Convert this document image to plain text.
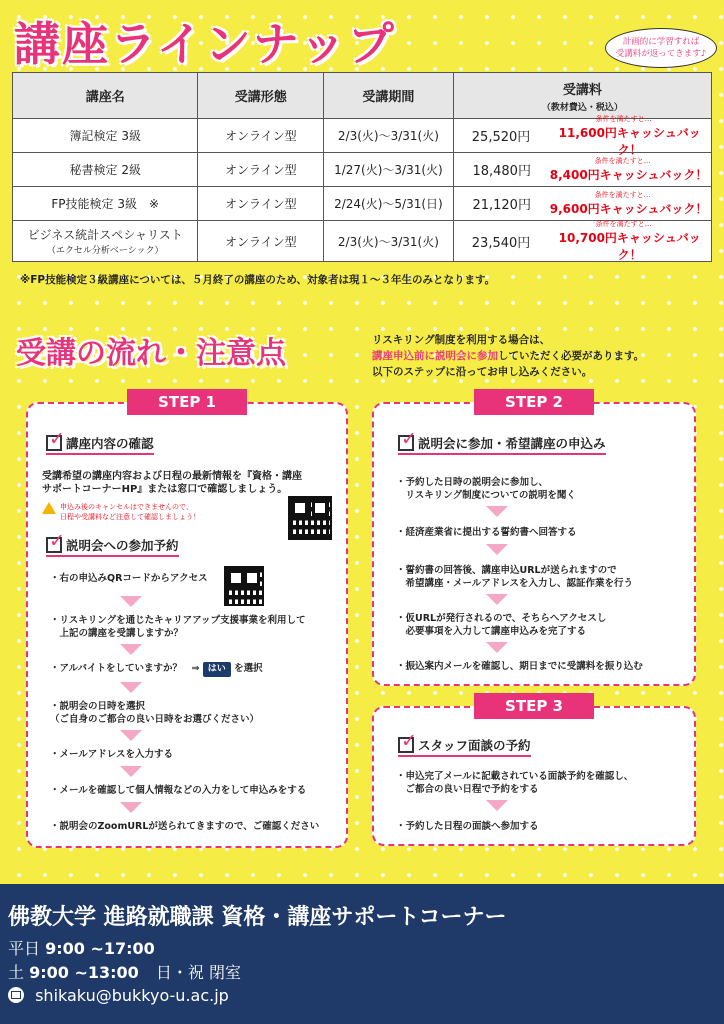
講座ラインナップ	計画的に学習すれば
受講料が返ってきます♪
講座名	受講形態	受講期間	受講料
（教材費込・税込）
簿記検定 3級	オンライン型	2/3(火)〜3/31(火)	25,520円
条件を満たすと…
11,600円キャッシュバック！
秘書検定 2級	オンライン型	1/27(火)〜3/31(火)	18,480円
条件を満たすと…
8,400円キャッシュバック！
FP技能検定 3級　※	オンライン型	2/24(火)〜5/31(日)	21,120円
条件を満たすと…
9,600円キャッシュバック！
ビジネス統計スペシャリスト
（エクセル分析ベーシック）
オンライン型	2/3(火)〜3/31(火)	23,540円
条件を満たすと…
10,700円キャッシュバック！
※FP技能検定３級講座については、５月終了の講座のため、対象者は現１〜３年生のみとなります。
受講の流れ・注意点	リスキリング制度を利用する場合は、
講座申込前に説明会に参加していただく必要があります。
以下のステップに沿ってお申し込みください。
STEP 1
✓
講座内容の確認
受講希望の講座内容および日程の最新情報を『資格・講座
サポートコーナーHP』または窓口で確認しましょう。
申込み後のキャンセルはできませんので、
日程や受講料など注意して確認しましょう！
✓
説明会への参加予約
・右の申込みQRコードからアクセス
・リスキリングを通じたキャリアアップ支援事業を利用して
　上記の講座を受講しますか？
・アルバイトをしていますか？　⇒ はい を選択
・説明会の日時を選択
（ご自身のご都合の良い日時をお選びください）
・メールアドレスを入力する
・メールを確認して個人情報などの入力をして申込みをする
・説明会のZoomURLが送られてきますので、ご確認ください
STEP 2
✓
説明会に参加・希望講座の申込み
・予約した日時の説明会に参加し、
　リスキリング制度についての説明を聞く
・経済産業省に提出する誓約書へ回答する
・誓約書の回答後、講座申込URLが送られますので
　希望講座・メールアドレスを入力し、認証作業を行う
・仮URLが発行されるので、そちらへアクセスし
　必要事項を入力して講座申込みを完了する
・振込案内メールを確認し、期日までに受講料を振り込む
STEP 3
✓
スタッフ面談の予約
・申込完了メールに記載されている面談予約を確認し、
　ご都合の良い日程で予約をする
・予約した日程の面談へ参加する
佛教大学 進路就職課 資格・講座サポートコーナー
平日 9:00 ~17:00
土 9:00 ~13:00 日・祝 閉室
shikaku@bukkyo-u.ac.jp
